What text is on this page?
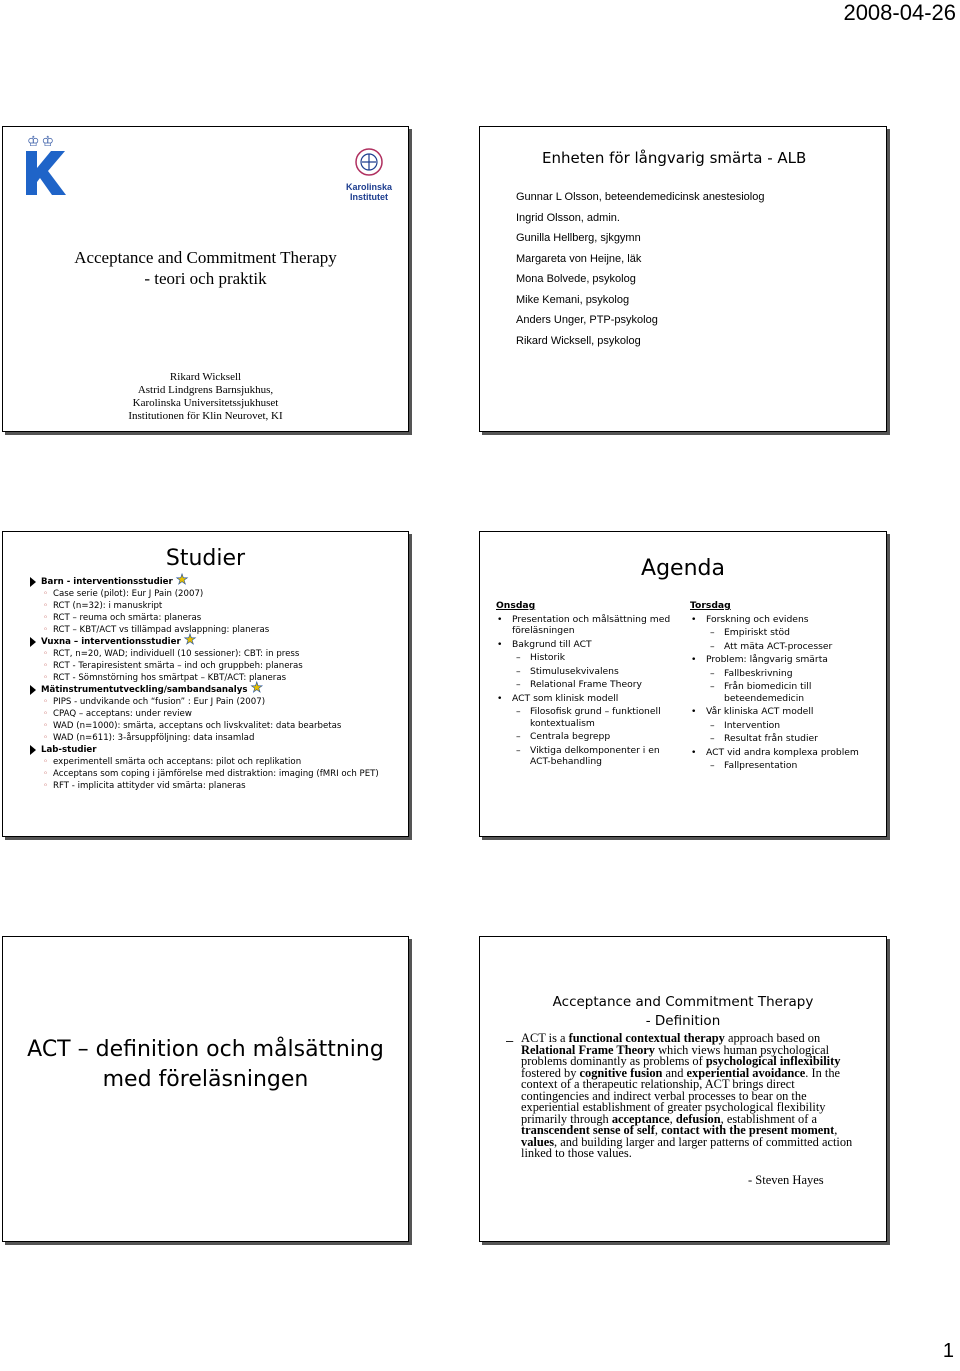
2008-04-26
1
♔♔
Karolinska
Institutet
Acceptance and Commitment Therapy
- teori och praktik
Rikard Wicksell
Astrid Lindgrens Barnsjukhus,
Karolinska Universitetssjukhuset
Institutionen för Klin Neurovet, KI
Enheten för långvarig smärta - ALB
Gunnar L Olsson, beteendemedicinsk anestesiolog
Ingrid Olsson, admin.
Gunilla Hellberg, sjkgymn
Margareta von Heijne, läk
Mona Bolvede, psykolog
Mike Kemani, psykolog
Anders Unger, PTP-psykolog
Rikard Wicksell, psykolog
Studier
Barn - interventionsstudier ★
◦ Case serie (pilot): Eur J Pain (2007)
◦ RCT (n=32): i manuskript
◦ RCT – reuma och smärta: planeras
◦ RCT – KBT/ACT vs tillämpad avslappning: planeras
Vuxna – interventionsstudier ★
◦ RCT, n=20, WAD; individuell (10 sessioner): CBT: in press
◦ RCT - Terapiresistent smärta – ind och gruppbeh: planeras
◦ RCT - Sömnstörning hos smärtpat – KBT/ACT: planeras
Mätinstrumentutveckling/sambandsanalys ★
◦ PIPS - undvikande och “fusion” : Eur J Pain (2007)
◦ CPAQ – acceptans: under review
◦ WAD (n=1000): smärta, acceptans och livskvalitet: data bearbetas
◦ WAD (n=611): 3-årsuppföljning: data insamlad
Lab-studier
◦ experimentell smärta och acceptans: pilot och replikation
◦ Acceptans som coping i jämförelse med distraktion: imaging (fMRI och PET)
◦ RFT - implicita attityder vid smärta: planeras
Agenda
Onsdag
• Presentation och målsättning med föreläsningen
• Bakgrund till ACT
– Historik
– Stimulusekvivalens
– Relational Frame Theory
• ACT som klinisk modell
– Filosofisk grund – funktionell kontextualism
– Centrala begrepp
– Viktiga delkomponenter i en ACT-behandling
Torsdag
• Forskning och evidens
– Empiriskt stöd
– Att mäta ACT-processer
• Problem: långvarig smärta
– Fallbeskrivning
– Från biomedicin till beteendemedicin
• Vår kliniska ACT modell
– Intervention
– Resultat från studier
• ACT vid andra komplexa problem
– Fallpresentation
ACT – definition och målsättning
med föreläsningen
Acceptance and Commitment Therapy
- Definition
– ACT is a functional contextual therapy approach based on Relational Frame Theory which views human psychological problems dominantly as problems of psychological inflexibility fostered by cognitive fusion and experiential avoidance. In the context of a therapeutic relationship, ACT brings direct contingencies and indirect verbal processes to bear on the experiential establishment of greater psychological flexibility primarily through acceptance, defusion, establishment of a transcendent sense of self, contact with the present moment, values, and building larger and larger patterns of committed action linked to those values.
- Steven Hayes
